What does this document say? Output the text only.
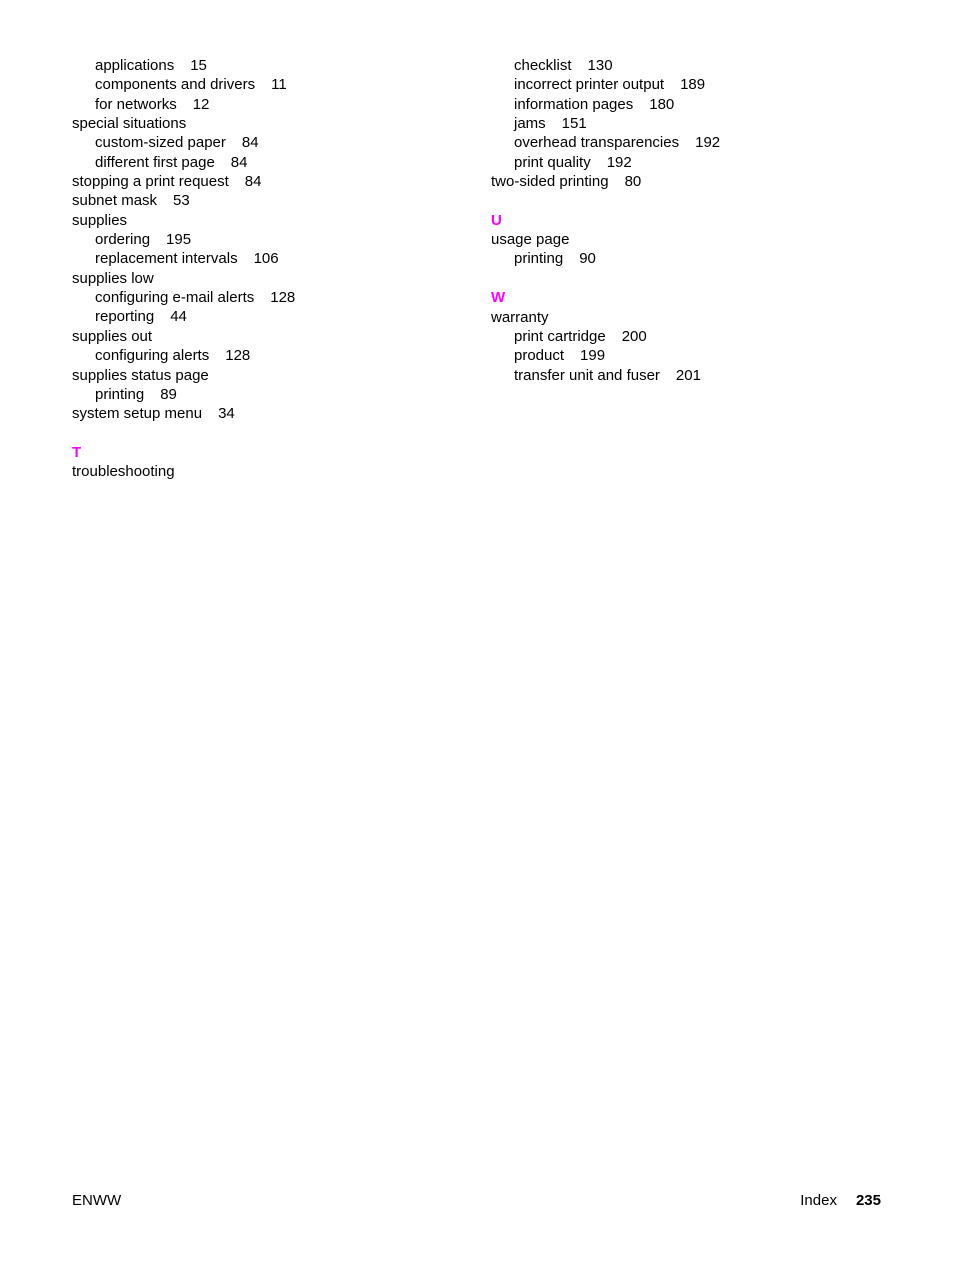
applications 15
components and drivers 11
for networks 12
special situations
custom-sized paper 84
different first page 84
stopping a print request 84
subnet mask 53
supplies
ordering 195
replacement intervals 106
supplies low
configuring e-mail alerts 128
reporting 44
supplies out
configuring alerts 128
supplies status page
printing 89
system setup menu 34
T
troubleshooting
checklist 130
incorrect printer output 189
information pages 180
jams 151
overhead transparencies 192
print quality 192
two-sided printing 80
U
usage page
printing 90
W
warranty
print cartridge 200
product 199
transfer unit and fuser 201
ENWW	Index 235
